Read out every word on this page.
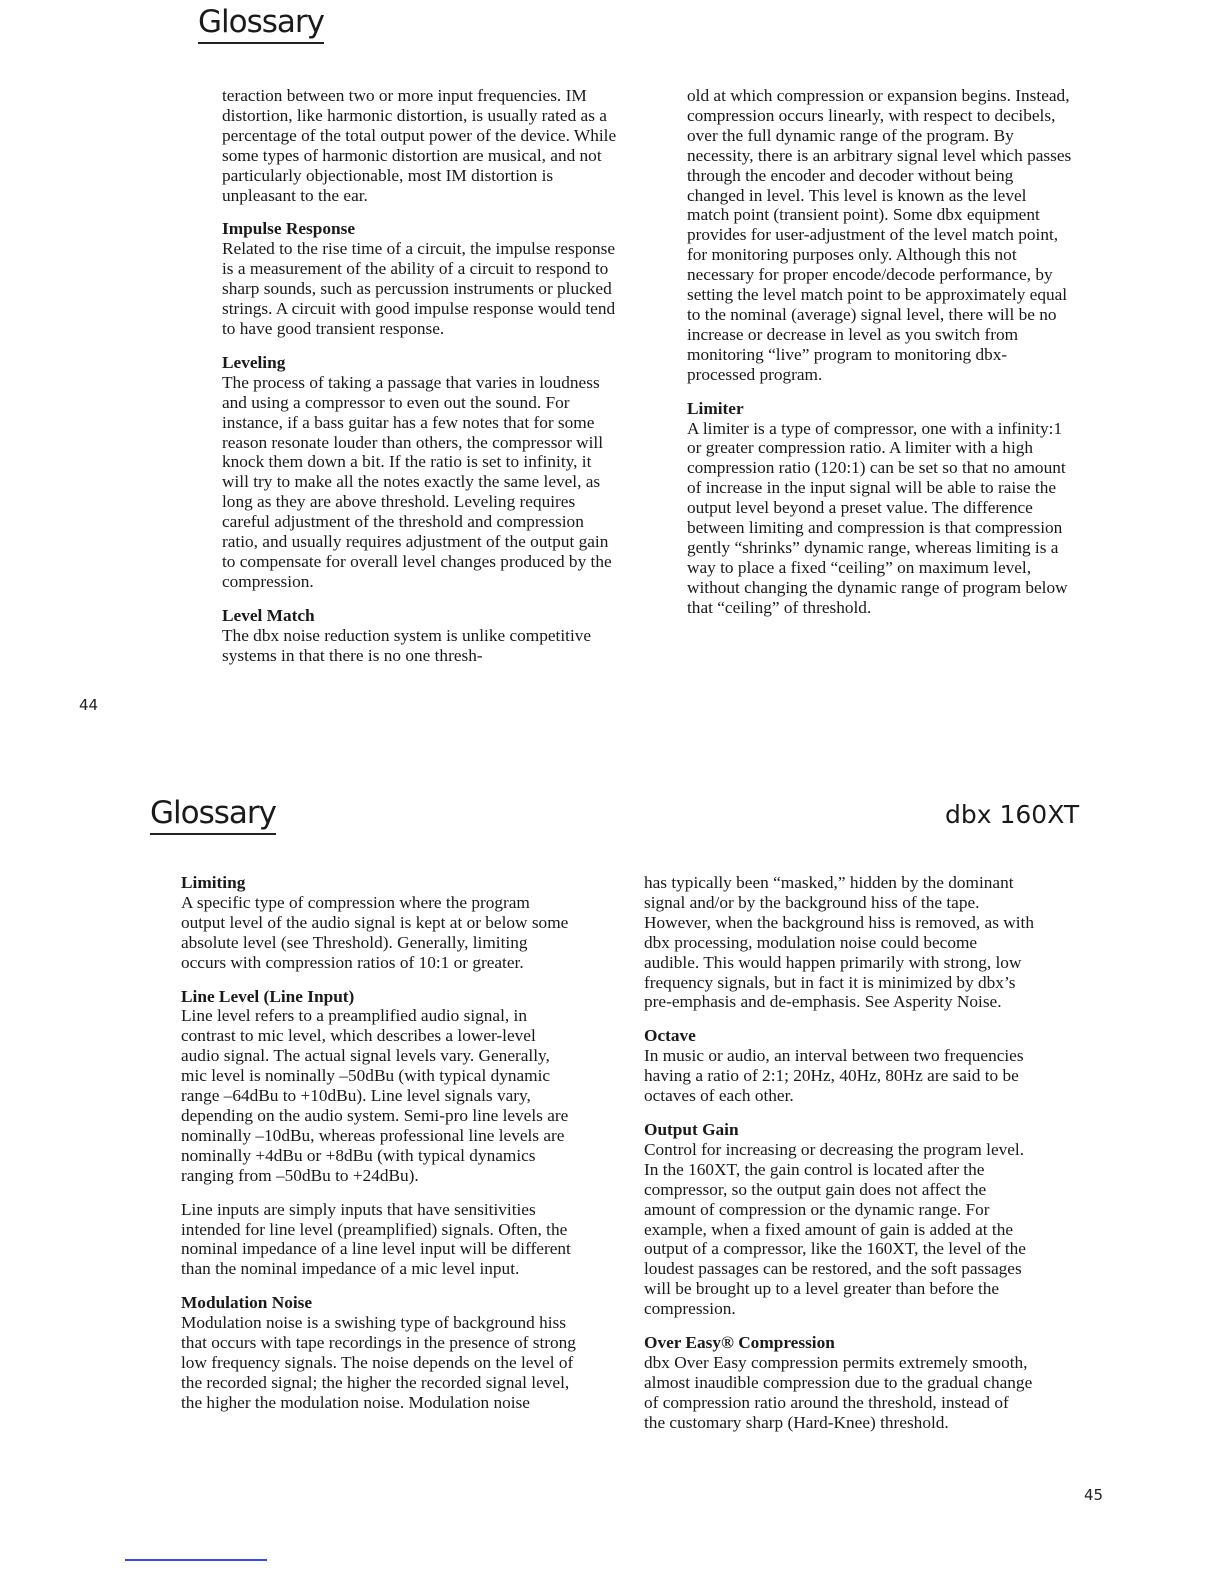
Glossary

teraction between two or more input frequencies. IM distortion, like harmonic distortion, is usually rated as a percentage of the total output power of the device. While some types of harmonic distortion are musical, and not particularly objectionable, most IM distortion is unpleasant to the ear.

Impulse Response
Related to the rise time of a circuit, the impulse response is a measurement of the ability of a circuit to respond to sharp sounds, such as percussion instruments or plucked strings. A circuit with good impulse response would tend to have good transient response.

Leveling
The process of taking a passage that varies in loudness and using a compressor to even out the sound. For instance, if a bass guitar has a few notes that for some reason resonate louder than others, the compressor will knock them down a bit. If the ratio is set to infinity, it will try to make all the notes exactly the same level, as long as they are above threshold. Leveling requires careful adjustment of the threshold and compression ratio, and usually requires adjustment of the output gain to compensate for overall level changes produced by the compression.

Level Match
The dbx noise reduction system is unlike competitive systems in that there is no one thresh-

old at which compression or expansion begins. Instead, compression occurs linearly, with respect to decibels, over the full dynamic range of the program. By necessity, there is an arbitrary signal level which passes through the encoder and decoder without being changed in level. This level is known as the level match point (transient point). Some dbx equipment provides for user-adjustment of the level match point, for monitoring purposes only. Although this not necessary for proper encode/decode performance, by setting the level match point to be approximately equal to the nominal (average) signal level, there will be no increase or decrease in level as you switch from monitoring “live” program to monitoring dbx-processed program.

Limiter
A limiter is a type of compressor, one with a infinity:1 or greater compression ratio. A limiter with a high compression ratio (120:1) can be set so that no amount of increase in the input signal will be able to raise the output level beyond a preset value. The difference between limiting and compression is that compression gently “shrinks” dynamic range, whereas limiting is a way to place a fixed “ceiling” on maximum level, without changing the dynamic range of program below that “ceiling” of threshold.

44
Glossary	dbx 160XT

Limiting
A specific type of compression where the program output level of the audio signal is kept at or below some absolute level (see Threshold). Generally, limiting occurs with compression ratios of 10:1 or greater.

Line Level (Line Input)
Line level refers to a preamplified audio signal, in contrast to mic level, which describes a lower-level audio signal. The actual signal levels vary. Generally, mic level is nominally –50dBu (with typical dynamic range –64dBu to +10dBu). Line level signals vary, depending on the audio system. Semi-pro line levels are nominally –10dBu, whereas professional line levels are nominally +4dBu or +8dBu (with typical dynamics ranging from –50dBu to +24dBu).

Line inputs are simply inputs that have sensitivities intended for line level (preamplified) signals. Often, the nominal impedance of a line level input will be different than the nominal impedance of a mic level input.

Modulation Noise
Modulation noise is a swishing type of background hiss that occurs with tape recordings in the presence of strong low frequency signals. The noise depends on the level of the recorded signal; the higher the recorded signal level, the higher the modulation noise. Modulation noise

has typically been “masked,” hidden by the dominant signal and/or by the background hiss of the tape. However, when the background hiss is removed, as with dbx processing, modulation noise could become audible. This would happen primarily with strong, low frequency signals, but in fact it is minimized by dbx’s pre-emphasis and de-emphasis. See Asperity Noise.

Octave
In music or audio, an interval between two frequencies having a ratio of 2:1; 20Hz, 40Hz, 80Hz are said to be octaves of each other.

Output Gain
Control for increasing or decreasing the program level. In the 160XT, the gain control is located after the compressor, so the output gain does not affect the amount of compression or the dynamic range. For example, when a fixed amount of gain is added at the output of a compressor, like the 160XT, the level of the loudest passages can be restored, and the soft passages will be brought up to a level greater than before the compression.

Over Easy® Compression
dbx Over Easy compression permits extremely smooth, almost inaudible compression due to the gradual change of compression ratio around the threshold, instead of the customary sharp (Hard-Knee) threshold.

45
